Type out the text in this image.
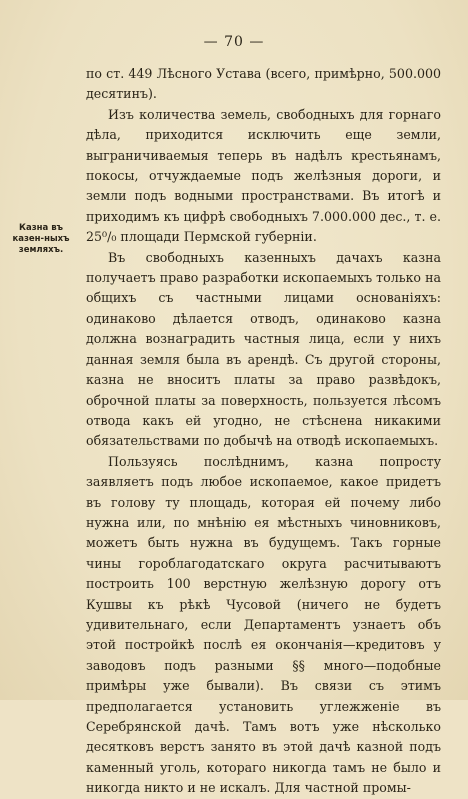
— 70 —
Казна въ казен-ныхъ земляхъ.

по ст. 449 Лѣсного Устава (всего, примѣрно, 500.000 десятинъ).

Изъ количества земель, свободныхъ для горнаго дѣла, приходится исключить еще земли, выграничиваемыя теперь въ надѣлъ крестьянамъ, покосы, отчуждаемые подъ желѣзныя дороги, и земли подъ водными пространствами. Въ итогѣ и приходимъ къ цифрѣ свободныхъ 7.000.000 дес., т. е. 25⁰/₀ площади Пермской губерніи.

Въ свободныхъ казенныхъ дачахъ казна получаетъ право разработки ископаемыхъ только на общихъ съ частными лицами основаніяхъ: одинаково дѣлается отводъ, одинаково казна должна вознаградить частныя лица, если у нихъ данная земля была въ арендѣ. Съ другой стороны, казна не вноситъ платы за право развѣдокъ, оброчной платы за поверхность, пользуется лѣсомъ отвода какъ ей угодно, не стѣснена никакими обязательствами по добычѣ на отводѣ ископаемыхъ.

Пользуясь послѣднимъ, казна попросту заявляетъ подъ любое ископаемое, какое придетъ въ голову ту площадь, которая ей почему либо нужна или, по мнѣнію ея мѣстныхъ чиновниковъ, можетъ быть нужна въ будущемъ. Такъ горные чины гороблагодатскаго округа расчитываютъ построить 100 верстную желѣзную дорогу отъ Кушвы къ рѣкѣ Чусовой (ничего не будетъ удивительнаго, если Департаментъ узнаетъ объ этой постройкѣ послѣ ея окончанія—кредитовъ у заводовъ подъ разными §§ много—подобные примѣры уже бывали). Въ связи съ этимъ предполагается установить углежженіе въ Серебрянской дачѣ. Тамъ вотъ уже нѣсколько десятковъ верстъ занято въ этой дачѣ казной подъ каменный уголь, котораго никогда тамъ не было и никогда никто и не искалъ. Для частной промы-
